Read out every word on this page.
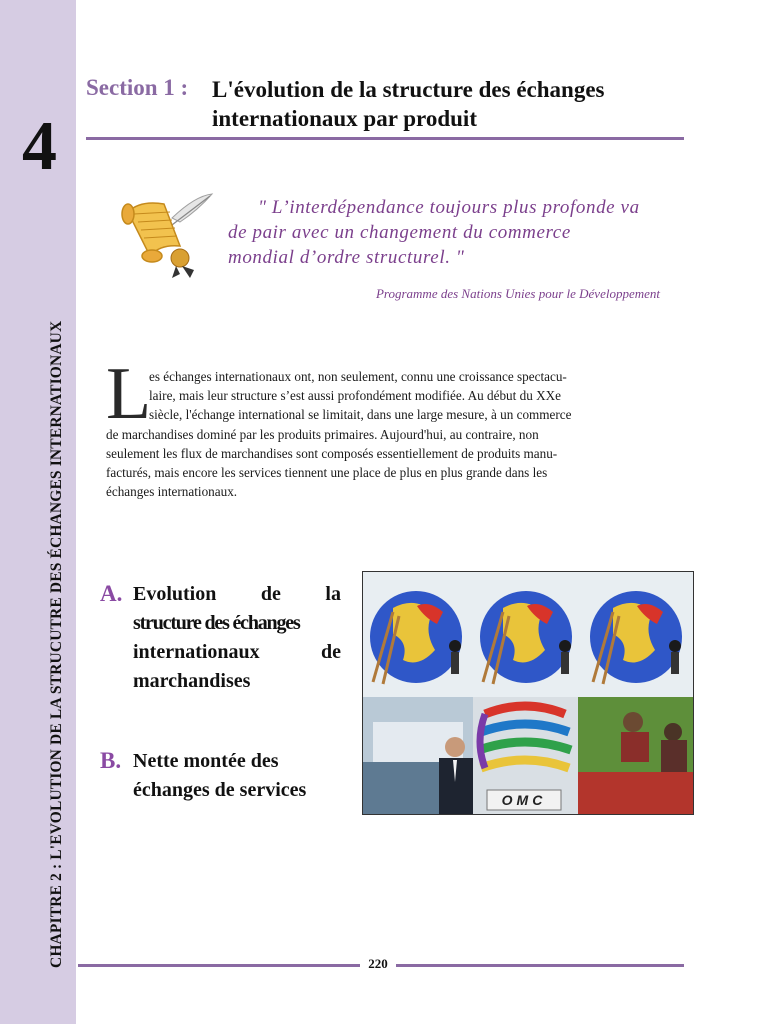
4
CHAPITRE 2 : L'EVOLUTION DE LA STRUCUTRE DES ÉCHANGES INTERNATIONAUX
Section 1 : L'évolution de la structure des échanges internationaux par produit
" L’interdépendance toujours plus profonde va
de pair avec un changement du commerce
mondial d’ordre structurel. "
Programme des Nations Unies pour le Développement
L
es échanges internationaux ont, non seulement, connu une croissance spectacu-
laire, mais leur structure s’est aussi profondément modifiée. Au début du XXe
siècle, l'échange international se limitait, dans une large mesure, à un commerce
de marchandises dominé par les produits primaires. Aujourd'hui, au contraire, non
seulement les flux de marchandises sont composés essentiellement de produits manu-
facturés, mais encore les services tiennent une place de plus en plus grande dans les
échanges internationaux.
A. Evolution de la
structure des échanges
internationaux	de
marchandises
B. Nette montée des
échanges de services	OMC
220
